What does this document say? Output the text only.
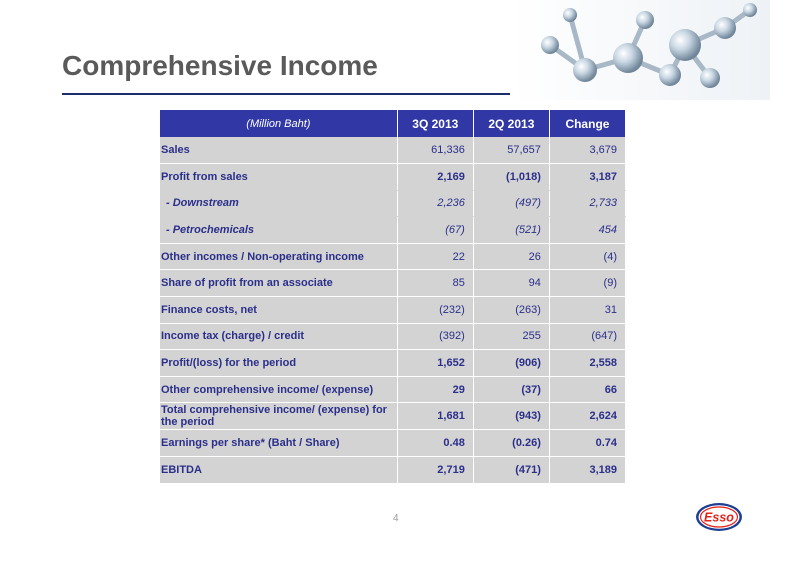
Comprehensive Income
(Million Baht)	3Q 2013	2Q 2013	Change
Sales	61,336	57,657	3,679
Profit from sales	2,169	(1,018)	3,187
- Downstream	2,236	(497)	2,733
- Petrochemicals	(67)	(521)	454
Other incomes / Non-operating income	22	26	(4)
Share of profit from an associate	85	94	(9)
Finance costs, net	(232)	(263)	31
Income tax (charge) / credit	(392)	255	(647)
Profit/(loss) for the period	1,652	(906)	2,558
Other comprehensive income/ (expense)	29	(37)	66
Total comprehensive income/ (expense) for the period	1,681	(943)	2,624
Earnings per share* (Baht / Share)	0.48	(0.26)	0.74
EBITDA	2,719	(471)	3,189
4	Esso
